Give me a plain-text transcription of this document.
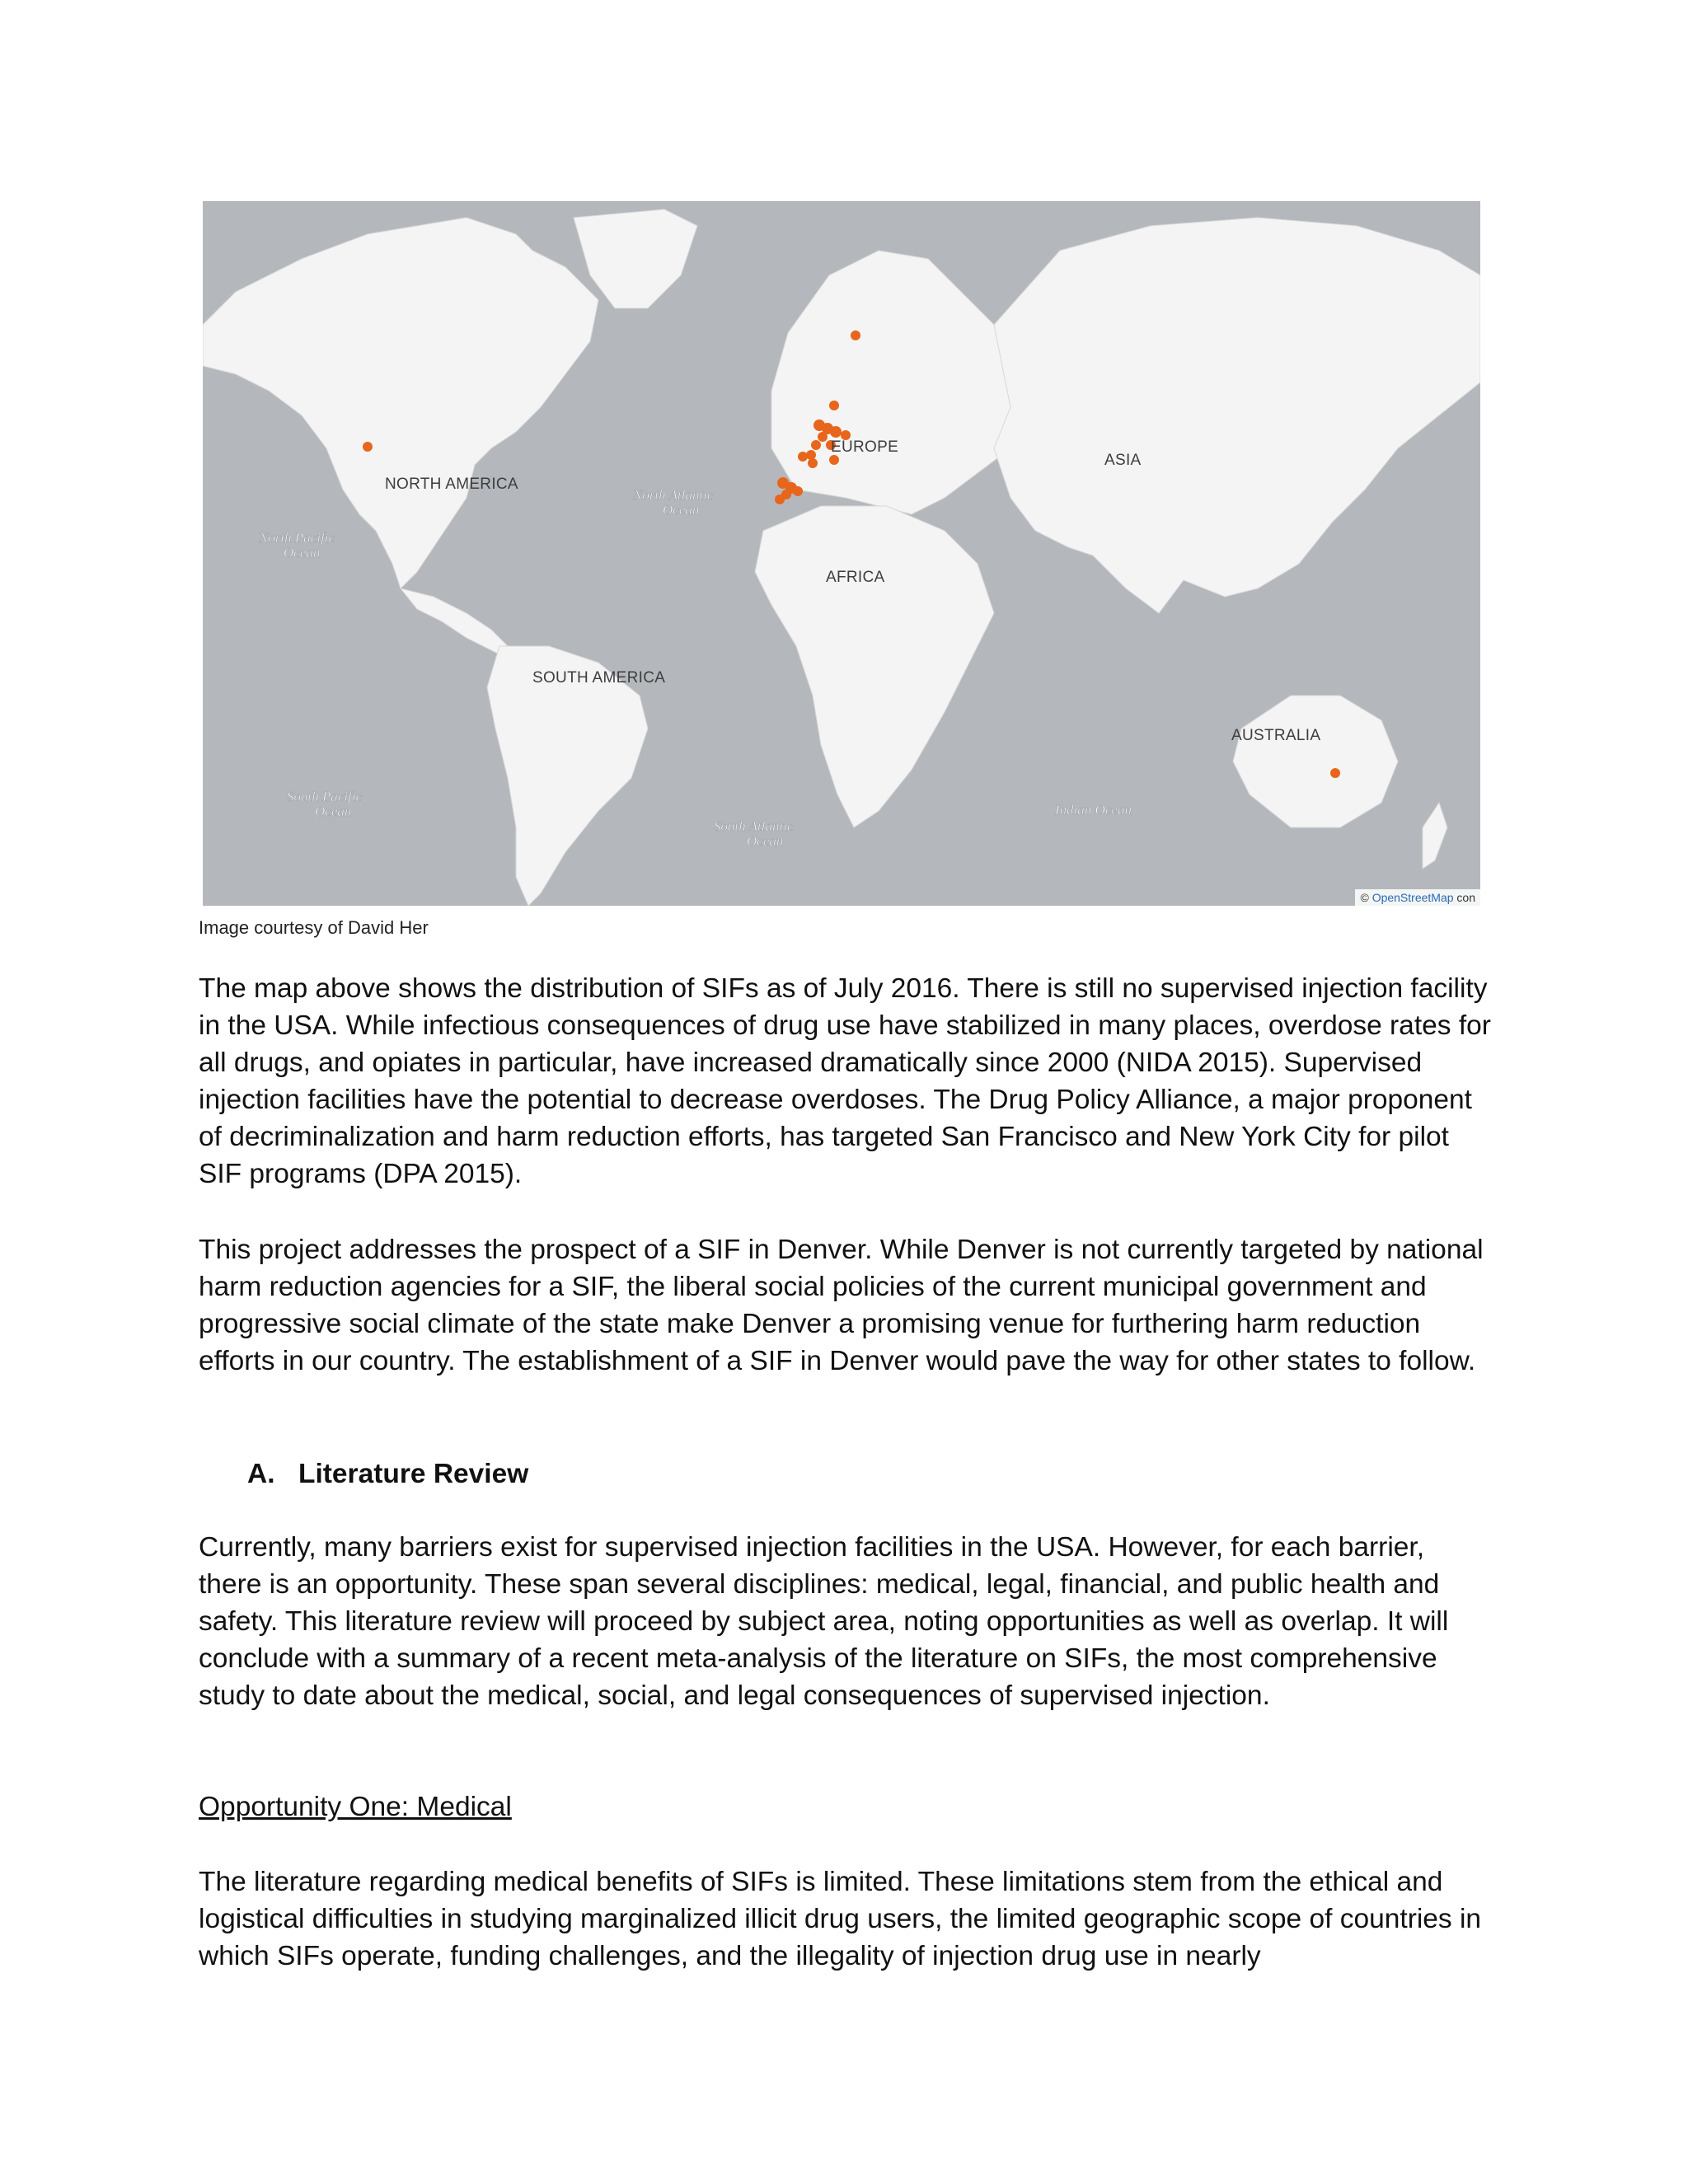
NORTH AMERICA
SOUTH AMERICA
EUROPE
AFRICA
ASIA
AUSTRALIA
North Pacific
Ocean
North Atlantic
Ocean
South Pacific
Ocean
South Atlantic
Ocean
Indian Ocean
© OpenStreetMap con
Image courtesy of David Her

The map above shows the distribution of SIFs as of July 2016. There is still no supervised injection facility in the USA. While infectious consequences of drug use have stabilized in many places, overdose rates for all drugs, and opiates in particular, have increased dramatically since 2000 (NIDA 2015). Supervised injection facilities have the potential to decrease overdoses. The Drug Policy Alliance, a major proponent of decriminalization and harm reduction efforts, has targeted San Francisco and New York City for pilot SIF programs (DPA 2015).

This project addresses the prospect of a SIF in Denver. While Denver is not currently targeted by national harm reduction agencies for a SIF, the liberal social policies of the current municipal government and progressive social climate of the state make Denver a promising venue for furthering harm reduction efforts in our country. The establishment of a SIF in Denver would pave the way for other states to follow.

A. Literature Review

Currently, many barriers exist for supervised injection facilities in the USA. However, for each barrier, there is an opportunity. These span several disciplines: medical, legal, financial, and public health and safety. This literature review will proceed by subject area, noting opportunities as well as overlap. It will conclude with a summary of a recent meta-analysis of the literature on SIFs, the most comprehensive study to date about the medical, social, and legal consequences of supervised injection.

Opportunity One: Medical

The literature regarding medical benefits of SIFs is limited. These limitations stem from the ethical and logistical difficulties in studying marginalized illicit drug users, the limited geographic scope of countries in which SIFs operate, funding challenges, and the illegality of injection drug use in nearly
